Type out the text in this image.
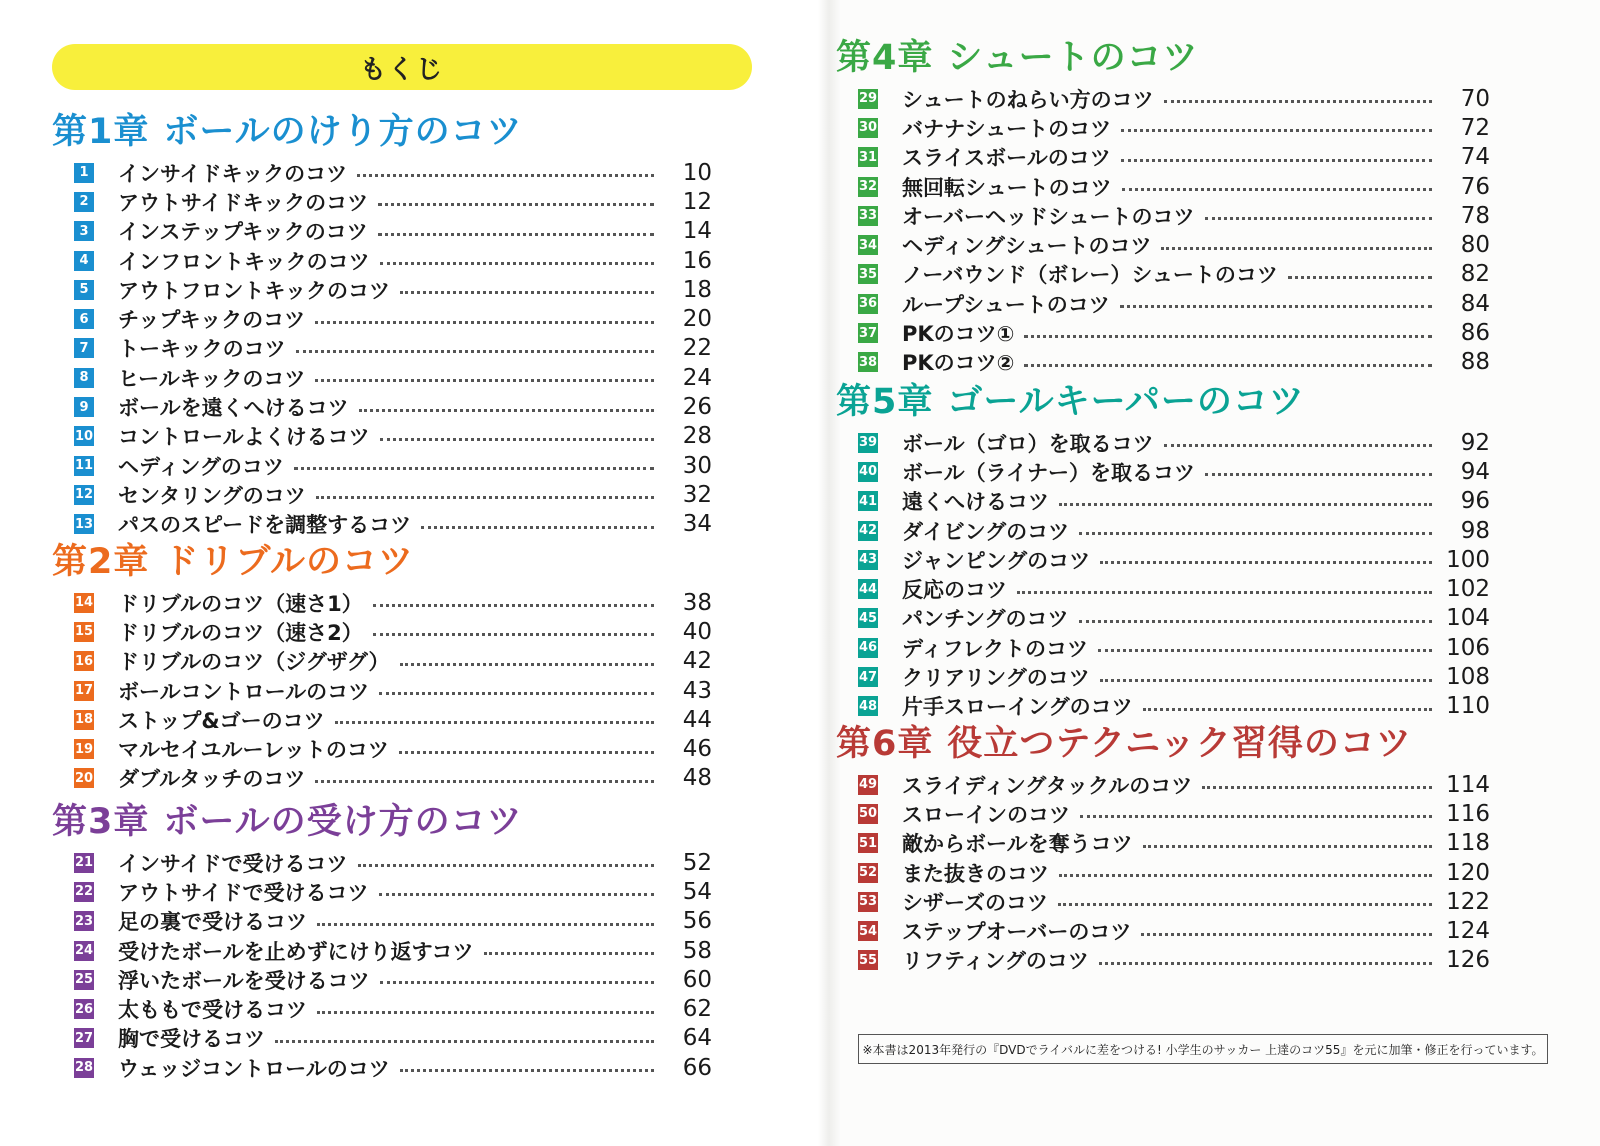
もくじ
第1章 ボールのけり方のコツ
1 インサイドキックのコツ	10
2 アウトサイドキックのコツ	12
3 インステップキックのコツ	14
4 インフロントキックのコツ	16
5 アウトフロントキックのコツ	18
6 チップキックのコツ	20
7 トーキックのコツ	22
8 ヒールキックのコツ	24
9 ボールを遠くへけるコツ	26
10 コントロールよくけるコツ	28
11 ヘディングのコツ	30
12 センタリングのコツ	32
13 パスのスピードを調整するコツ	34
第2章 ドリブルのコツ
14 ドリブルのコツ（速さ1）	38
15 ドリブルのコツ（速さ2）	40
16 ドリブルのコツ（ジグザグ）	42
17 ボールコントロールのコツ	43
18 ストップ&ゴーのコツ	44
19 マルセイユルーレットのコツ	46
20 ダブルタッチのコツ	48
第3章 ボールの受け方のコツ
21 インサイドで受けるコツ	52
22 アウトサイドで受けるコツ	54
23 足の裏で受けるコツ	56
24 受けたボールを止めずにけり返すコツ	58
25 浮いたボールを受けるコツ	60
26 太ももで受けるコツ	62
27 胸で受けるコツ	64
28 ウェッジコントロールのコツ	66
第4章 シュートのコツ
29 シュートのねらい方のコツ	70
30 バナナシュートのコツ	72
31 スライスボールのコツ	74
32 無回転シュートのコツ	76
33 オーバーヘッドシュートのコツ	78
34 ヘディングシュートのコツ	80
35 ノーバウンド（ボレー）シュートのコツ	82
36 ループシュートのコツ	84
37 PKのコツ①	86
38 PKのコツ②	88
第5章 ゴールキーパーのコツ
39 ボール（ゴロ）を取るコツ	92
40 ボール（ライナー）を取るコツ	94
41 遠くへけるコツ	96
42 ダイビングのコツ	98
43 ジャンピングのコツ	100
44 反応のコツ	102
45 パンチングのコツ	104
46 ディフレクトのコツ	106
47 クリアリングのコツ	108
48 片手スローイングのコツ	110
第6章 役立つテクニック習得のコツ
49 スライディングタックルのコツ	114
50 スローインのコツ	116
51 敵からボールを奪うコツ	118
52 また抜きのコツ	120
53 シザーズのコツ	122
54 ステップオーバーのコツ	124
55 リフティングのコツ	126
※本書は2013年発行の『DVDでライバルに差をつける! 小学生のサッカー 上達のコツ55』を元に加筆・修正を行っています。
